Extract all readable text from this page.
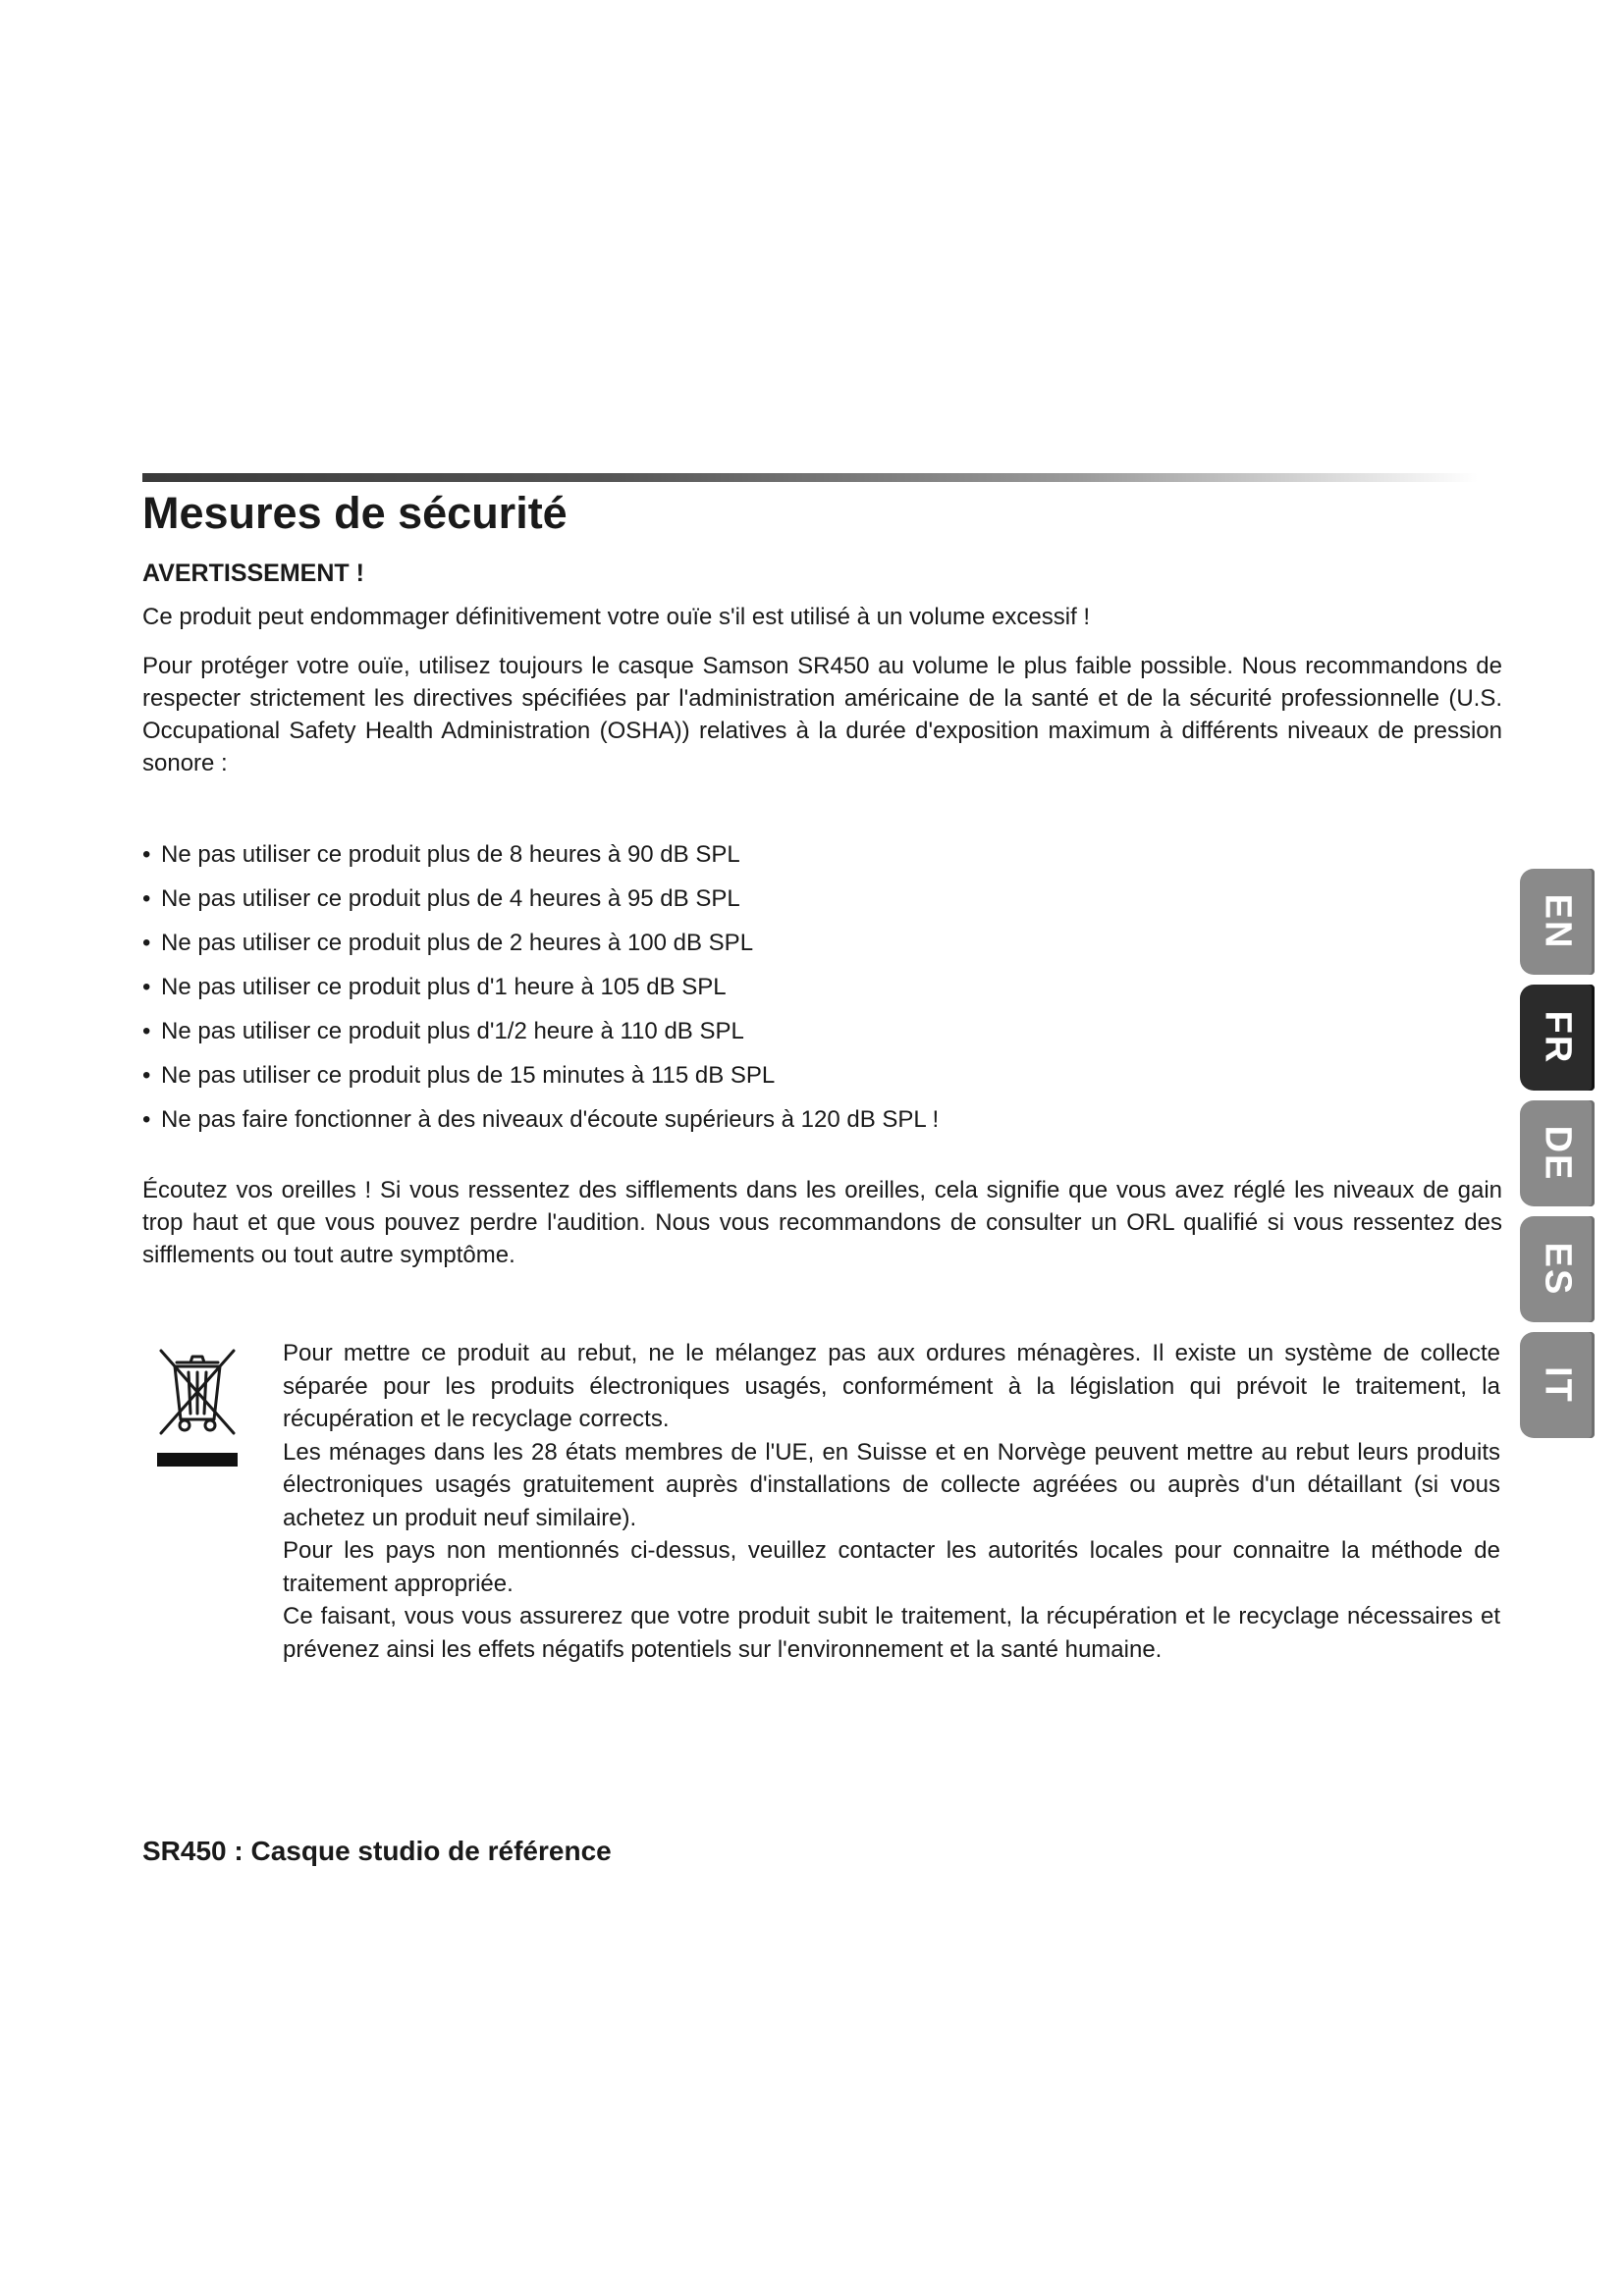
Mesures de sécurité
AVERTISSEMENT !

Ce produit peut endommager définitivement votre ouïe s'il est utilisé à un volume excessif !

Pour protéger votre ouïe, utilisez toujours le casque Samson SR450 au volume le plus faible possible. Nous recommandons de respecter strictement les directives spécifiées par l'administration américaine de la santé et de la sécurité professionnelle (U.S. Occupational Safety Health Administration (OSHA)) relatives à la durée d'exposition maximum à différents niveaux de pression sonore :

• Ne pas utiliser ce produit plus de 8 heures à 90 dB SPL
• Ne pas utiliser ce produit plus de 4 heures à 95 dB SPL
• Ne pas utiliser ce produit plus de 2 heures à 100 dB SPL
• Ne pas utiliser ce produit plus d'1 heure à 105 dB SPL
• Ne pas utiliser ce produit plus d'1/2 heure à 110 dB SPL
• Ne pas utiliser ce produit plus de 15 minutes à 115 dB SPL
• Ne pas faire fonctionner à des niveaux d'écoute supérieurs à 120 dB SPL !

Écoutez vos oreilles ! Si vous ressentez des sifflements dans les oreilles, cela signifie que vous avez réglé les niveaux de gain trop haut et que vous pouvez perdre l'audition. Nous vous recommandons de consulter un ORL qualifié si vous ressentez des sifflements ou tout autre symptôme.

Pour mettre ce produit au rebut, ne le mélangez pas aux ordures ménagères. Il existe un système de collecte séparée pour les produits électroniques usagés, conformément à la législation qui prévoit le traitement, la récupération et le recyclage corrects.
Les ménages dans les 28 états membres de l'UE, en Suisse et en Norvège peuvent mettre au rebut leurs produits électroniques usagés gratuitement auprès d'installations de collecte agréées ou auprès d'un détaillant (si vous achetez un produit neuf similaire).
Pour les pays non mentionnés ci-dessus, veuillez contacter les autorités locales pour connaitre la méthode de traitement appropriée.
Ce faisant, vous vous assurerez que votre produit subit le traitement, la récupération et le recyclage nécessaires et prévenez ainsi les effets négatifs potentiels sur l'environnement et la santé humaine.
SR450 : Casque studio de référence
EN
FR
DE
ES
IT
